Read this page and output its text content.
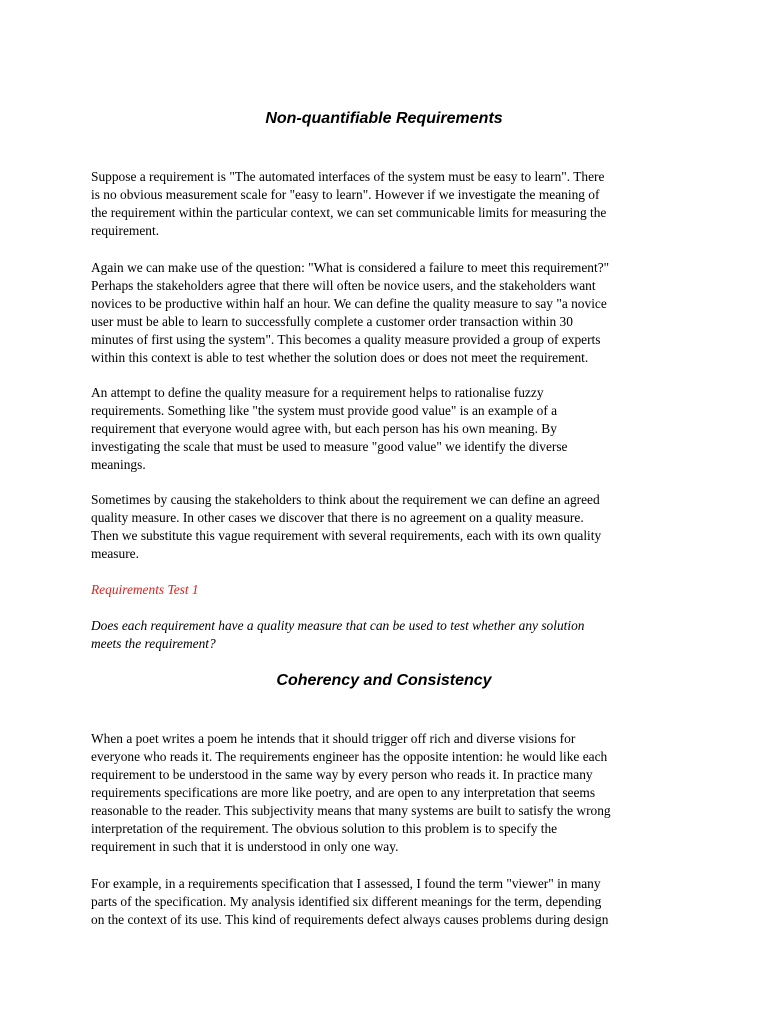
Non-quantifiable Requirements

Suppose a requirement is "The automated interfaces of the system must be easy to learn". There
is no obvious measurement scale for "easy to learn". However if we investigate the meaning of
the requirement within the particular context, we can set communicable limits for measuring the
requirement.

Again we can make use of the question: "What is considered a failure to meet this requirement?"
Perhaps the stakeholders agree that there will often be novice users, and the stakeholders want
novices to be productive within half an hour. We can define the quality measure to say "a novice
user must be able to learn to successfully complete a customer order transaction within 30
minutes of first using the system". This becomes a quality measure provided a group of experts
within this context is able to test whether the solution does or does not meet the requirement.

An attempt to define the quality measure for a requirement helps to rationalise fuzzy
requirements. Something like "the system must provide good value" is an example of a
requirement that everyone would agree with, but each person has his own meaning. By
investigating the scale that must be used to measure "good value" we identify the diverse
meanings.

Sometimes by causing the stakeholders to think about the requirement we can define an agreed
quality measure. In other cases we discover that there is no agreement on a quality measure.
Then we substitute this vague requirement with several requirements, each with its own quality
measure.

Requirements Test 1

Does each requirement have a quality measure that can be used to test whether any solution
meets the requirement?

Coherency and Consistency

When a poet writes a poem he intends that it should trigger off rich and diverse visions for
everyone who reads it. The requirements engineer has the opposite intention: he would like each
requirement to be understood in the same way by every person who reads it. In practice many
requirements specifications are more like poetry, and are open to any interpretation that seems
reasonable to the reader. This subjectivity means that many systems are built to satisfy the wrong
interpretation of the requirement. The obvious solution to this problem is to specify the
requirement in such that it is understood in only one way.

For example, in a requirements specification that I assessed, I found the term "viewer" in many
parts of the specification. My analysis identified six different meanings for the term, depending
on the context of its use. This kind of requirements defect always causes problems during design
